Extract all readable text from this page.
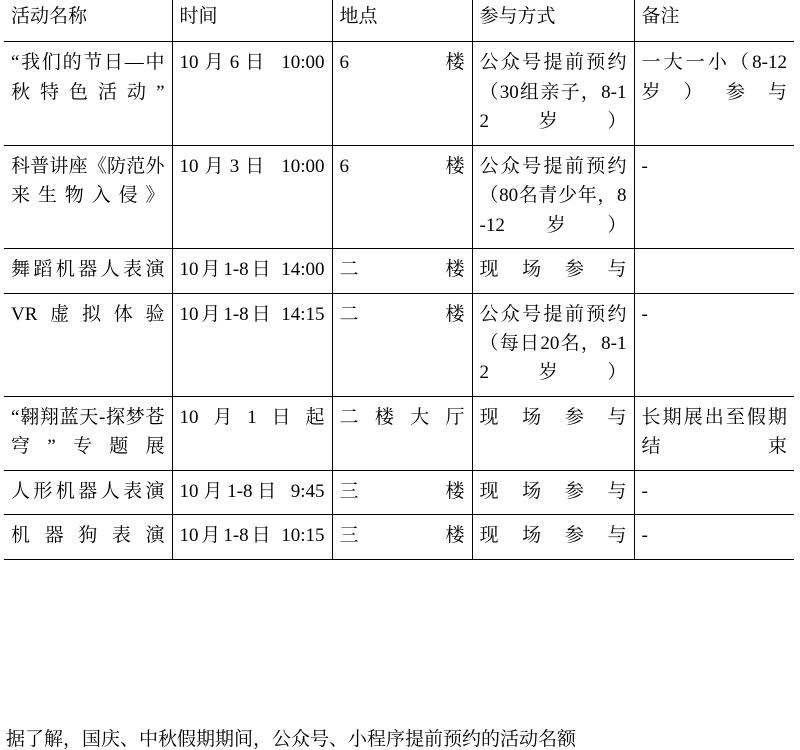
活动名称	时间	地点	参与方式	备注
“我们的节日—中秋特色活动”	10月6日 10:00	6楼	公众号提前预约（30组亲子，8-12岁）	一大一小（8-12岁）参与
科普讲座《防范外来生物入侵》	10月3日 10:00	6楼	公众号提前预约（80名青少年，8-12岁）	-
舞蹈机器人表演	10月1-8日 14:00	二楼	现场参与	
VR虚拟体验	10月1-8日 14:15	二楼	公众号提前预约（每日20名，8-12岁）	-
“翱翔蓝天-探梦苍穹”专题展	10月1日起	二楼大厅	现场参与	长期展出至假期结束
人形机器人表演	10月1-8日 9:45	三楼	现场参与	-
机器狗表演	10月1-8日 10:15	三楼	现场参与	-
据了解，国庆、中秋假期期间，公众号、小程序提前预约的活动名额
